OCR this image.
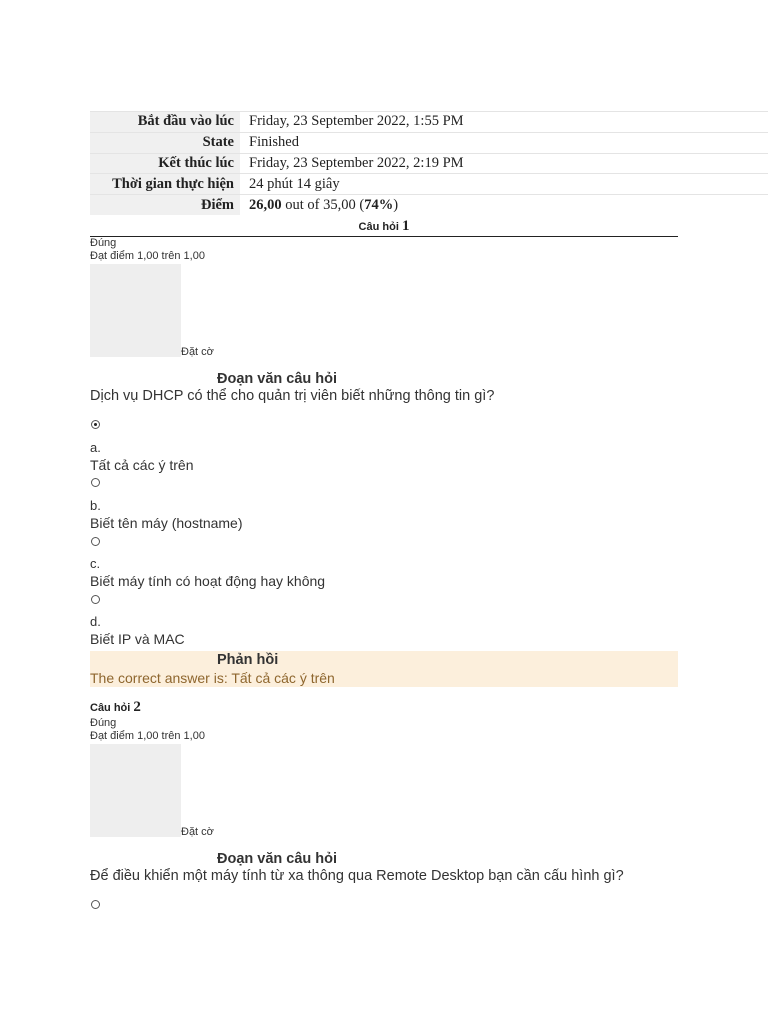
Bắt đầu vào lúc	Friday, 23 September 2022, 1:55 PM
State	Finished
Kết thúc lúc	Friday, 23 September 2022, 2:19 PM
Thời gian thực hiện	24 phút 14 giây
Điểm	26,00 out of 35,00 (74%)
Câu hỏi 1
Đúng
Đạt điểm 1,00 trên 1,00
Đặt cờ
Đoạn văn câu hỏi
Dịch vụ DHCP có thể cho quản trị viên biết những thông tin gì?
a.
Tất cả các ý trên
b.
Biết tên máy (hostname)
c.
Biết máy tính có hoạt động hay không
d.
Biết IP và MAC
Phản hồi
The correct answer is: Tất cả các ý trên
Câu hỏi 2
Đúng
Đạt điểm 1,00 trên 1,00
Đặt cờ
Đoạn văn câu hỏi
Để điều khiển một máy tính từ xa thông qua Remote Desktop bạn cần cấu hình gì?
